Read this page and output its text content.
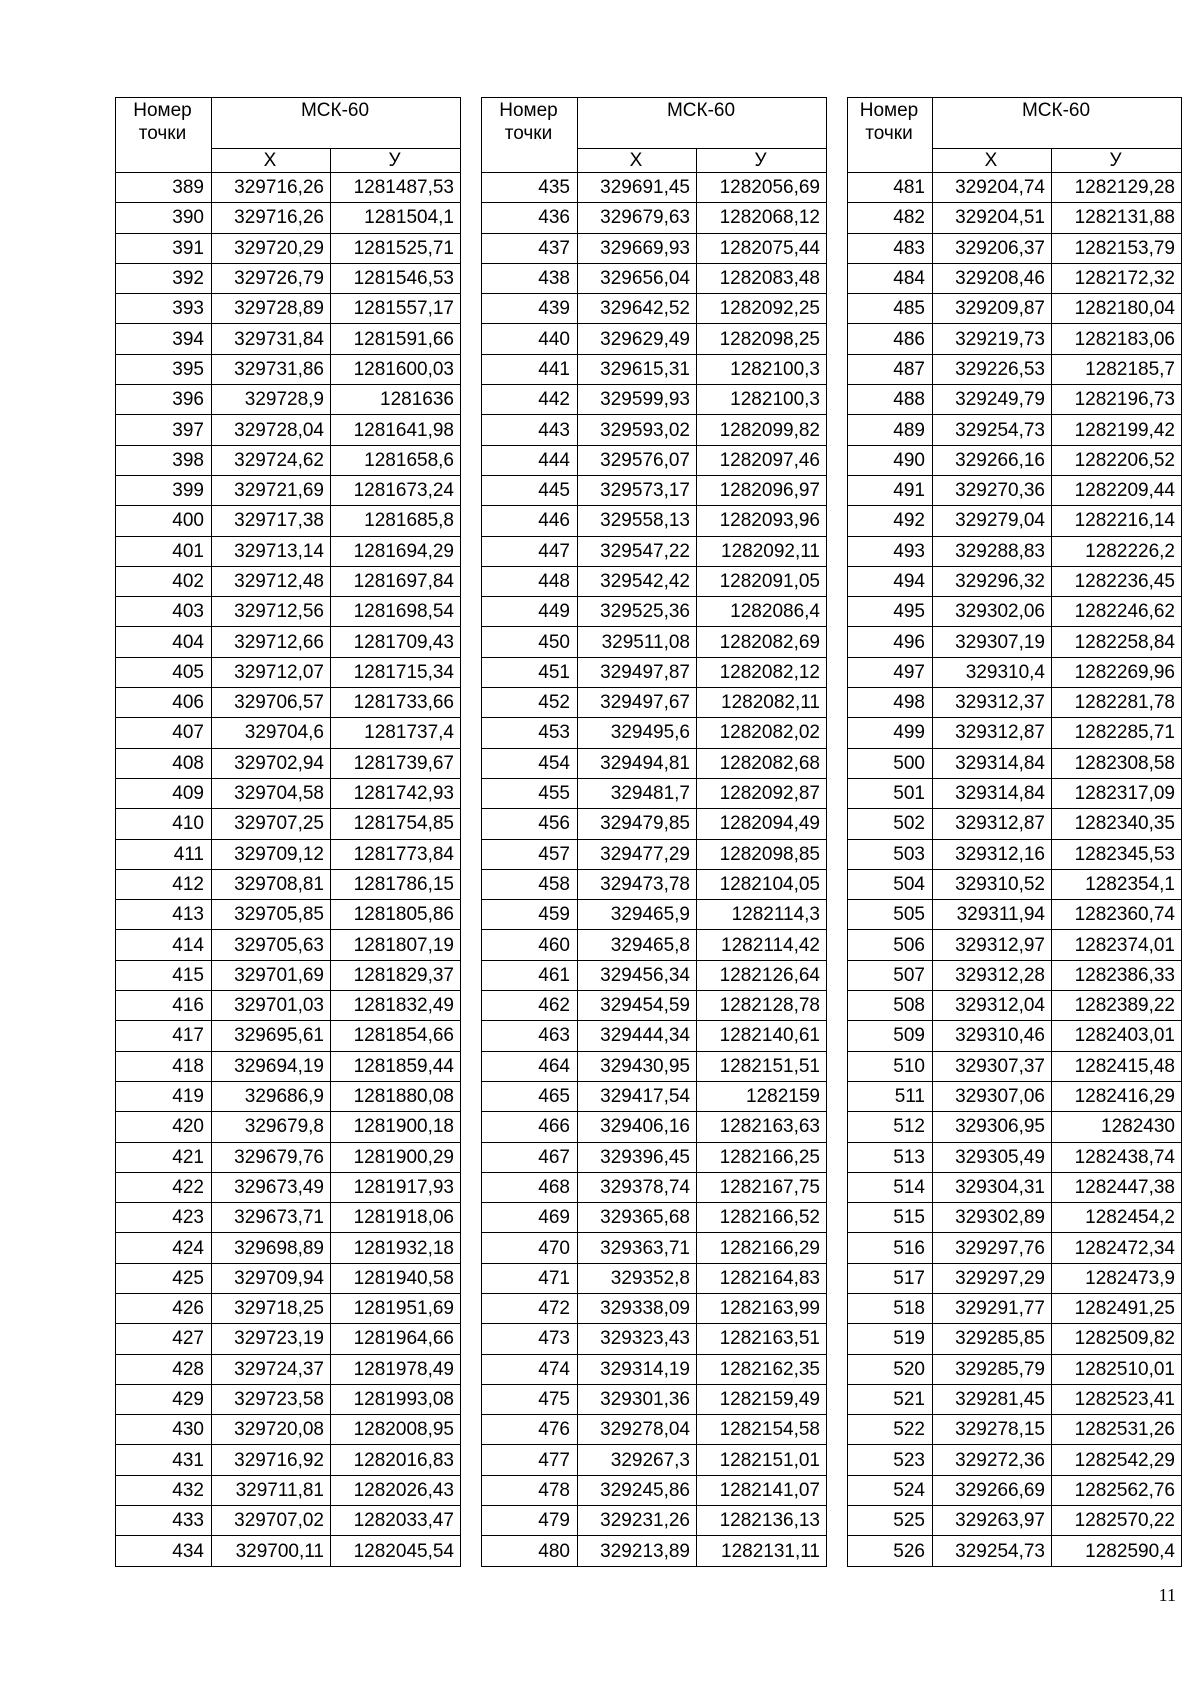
Номер точки	МСК-60	
	Х	У
389	329716,26	1281487,53
390	329716,26	1281504,1
391	329720,29	1281525,71
392	329726,79	1281546,53
393	329728,89	1281557,17
394	329731,84	1281591,66
395	329731,86	1281600,03
396	329728,9	1281636
397	329728,04	1281641,98
398	329724,62	1281658,6
399	329721,69	1281673,24
400	329717,38	1281685,8
401	329713,14	1281694,29
402	329712,48	1281697,84
403	329712,56	1281698,54
404	329712,66	1281709,43
405	329712,07	1281715,34
406	329706,57	1281733,66
407	329704,6	1281737,4
408	329702,94	1281739,67
409	329704,58	1281742,93
410	329707,25	1281754,85
411	329709,12	1281773,84
412	329708,81	1281786,15
413	329705,85	1281805,86
414	329705,63	1281807,19
415	329701,69	1281829,37
416	329701,03	1281832,49
417	329695,61	1281854,66
418	329694,19	1281859,44
419	329686,9	1281880,08
420	329679,8	1281900,18
421	329679,76	1281900,29
422	329673,49	1281917,93
423	329673,71	1281918,06
424	329698,89	1281932,18
425	329709,94	1281940,58
426	329718,25	1281951,69
427	329723,19	1281964,66
428	329724,37	1281978,49
429	329723,58	1281993,08
430	329720,08	1282008,95
431	329716,92	1282016,83
432	329711,81	1282026,43
433	329707,02	1282033,47
434	329700,11	1282045,54
Номер точки	МСК-60	
	Х	У
435	329691,45	1282056,69
436	329679,63	1282068,12
437	329669,93	1282075,44
438	329656,04	1282083,48
439	329642,52	1282092,25
440	329629,49	1282098,25
441	329615,31	1282100,3
442	329599,93	1282100,3
443	329593,02	1282099,82
444	329576,07	1282097,46
445	329573,17	1282096,97
446	329558,13	1282093,96
447	329547,22	1282092,11
448	329542,42	1282091,05
449	329525,36	1282086,4
450	329511,08	1282082,69
451	329497,87	1282082,12
452	329497,67	1282082,11
453	329495,6	1282082,02
454	329494,81	1282082,68
455	329481,7	1282092,87
456	329479,85	1282094,49
457	329477,29	1282098,85
458	329473,78	1282104,05
459	329465,9	1282114,3
460	329465,8	1282114,42
461	329456,34	1282126,64
462	329454,59	1282128,78
463	329444,34	1282140,61
464	329430,95	1282151,51
465	329417,54	1282159
466	329406,16	1282163,63
467	329396,45	1282166,25
468	329378,74	1282167,75
469	329365,68	1282166,52
470	329363,71	1282166,29
471	329352,8	1282164,83
472	329338,09	1282163,99
473	329323,43	1282163,51
474	329314,19	1282162,35
475	329301,36	1282159,49
476	329278,04	1282154,58
477	329267,3	1282151,01
478	329245,86	1282141,07
479	329231,26	1282136,13
480	329213,89	1282131,11
Номер точки	МСК-60	
	Х	У
481	329204,74	1282129,28
482	329204,51	1282131,88
483	329206,37	1282153,79
484	329208,46	1282172,32
485	329209,87	1282180,04
486	329219,73	1282183,06
487	329226,53	1282185,7
488	329249,79	1282196,73
489	329254,73	1282199,42
490	329266,16	1282206,52
491	329270,36	1282209,44
492	329279,04	1282216,14
493	329288,83	1282226,2
494	329296,32	1282236,45
495	329302,06	1282246,62
496	329307,19	1282258,84
497	329310,4	1282269,96
498	329312,37	1282281,78
499	329312,87	1282285,71
500	329314,84	1282308,58
501	329314,84	1282317,09
502	329312,87	1282340,35
503	329312,16	1282345,53
504	329310,52	1282354,1
505	329311,94	1282360,74
506	329312,97	1282374,01
507	329312,28	1282386,33
508	329312,04	1282389,22
509	329310,46	1282403,01
510	329307,37	1282415,48
511	329307,06	1282416,29
512	329306,95	1282430
513	329305,49	1282438,74
514	329304,31	1282447,38
515	329302,89	1282454,2
516	329297,76	1282472,34
517	329297,29	1282473,9
518	329291,77	1282491,25
519	329285,85	1282509,82
520	329285,79	1282510,01
521	329281,45	1282523,41
522	329278,15	1282531,26
523	329272,36	1282542,29
524	329266,69	1282562,76
525	329263,97	1282570,22
526	329254,73	1282590,4
11
